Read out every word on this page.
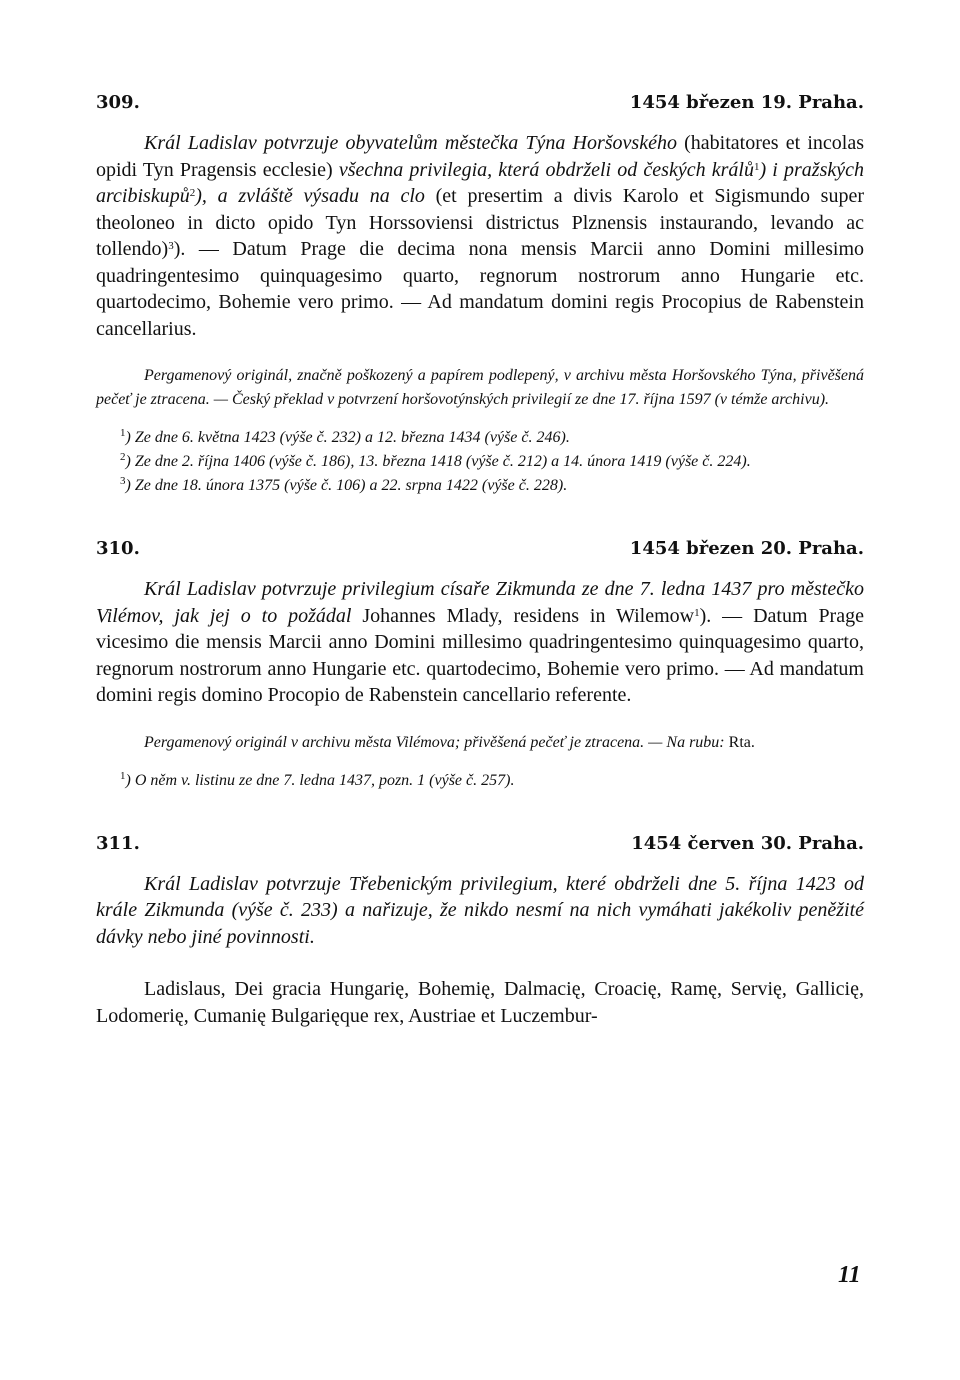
309.	1454 březen 19. Praha.

Král Ladislav potvrzuje obyvatelům městečka Týna Horšovského (habitatores et incolas opidi Tyn Pragensis ecclesie) všechna privilegia, která obdrželi od českých králů$^1$) i pražských arcibiskupů$^2$), a zvláště výsadu na clo (et presertim a divis Karolo et Sigismundo super theoloneo in dicto opido Tyn Horssoviensi districtus Plznensis instaurando, levando ac tollendo)$^3$). — Datum Prage die decima nona mensis Marcii anno Domini millesimo quadringentesimo quinquagesimo quarto, regnorum nostrorum anno Hungarie etc. quartodecimo, Bohemie vero primo. — Ad mandatum domini regis Procopius de Rabenstein cancellarius.

Pergamenový originál, značně poškozený a papírem podlepený, v archivu města Horšovského Týna, přivěšená pečeť je ztracena. — Český překlad v potvrzení horšovotýnských privilegií ze dne 17. října 1597 (v témže archivu).

$^1$) Ze dne 6. května 1423 (výše č. 232) a 12. března 1434 (výše č. 246).

$^2$) Ze dne 2. října 1406 (výše č. 186), 13. března 1418 (výše č. 212) a 14. února 1419 (výše č. 224).

$^3$) Ze dne 18. února 1375 (výše č. 106) a 22. srpna 1422 (výše č. 228).

310.	1454 březen 20. Praha.

Král Ladislav potvrzuje privilegium císaře Zikmunda ze dne 7. ledna 1437 pro městečko Vilémov, jak jej o to požádal Johannes Mlady, residens in Wilemow$^1$). — Datum Prage vicesimo die mensis Marcii anno Domini millesimo quadringentesimo quinquagesimo quarto, regnorum nostrorum anno Hungarie etc. quartodecimo, Bohemie vero primo. — Ad mandatum domini regis domino Procopio de Rabenstein cancellario referente.

Pergamenový originál v archivu města Vilémova; přivěšená pečeť je ztracena. — Na rubu: Rta.

$^1$) O něm v. listinu ze dne 7. ledna 1437, pozn. 1 (výše č. 257).

311.	1454 červen 30. Praha.

Král Ladislav potvrzuje Třebenickým privilegium, které obdrželi dne 5. října 1423 od krále Zikmunda (výše č. 233) a nařizuje, že nikdo nesmí na nich vymáhati jakékoliv peněžité dávky nebo jiné povinnosti.

Ladislaus, Dei gracia Hungarię, Bohemię, Dalmacię, Croacię, Ramę, Servię, Gallicię, Lodomerię, Cumanię Bulgarięque rex, Austriae et Luczembur-

11
